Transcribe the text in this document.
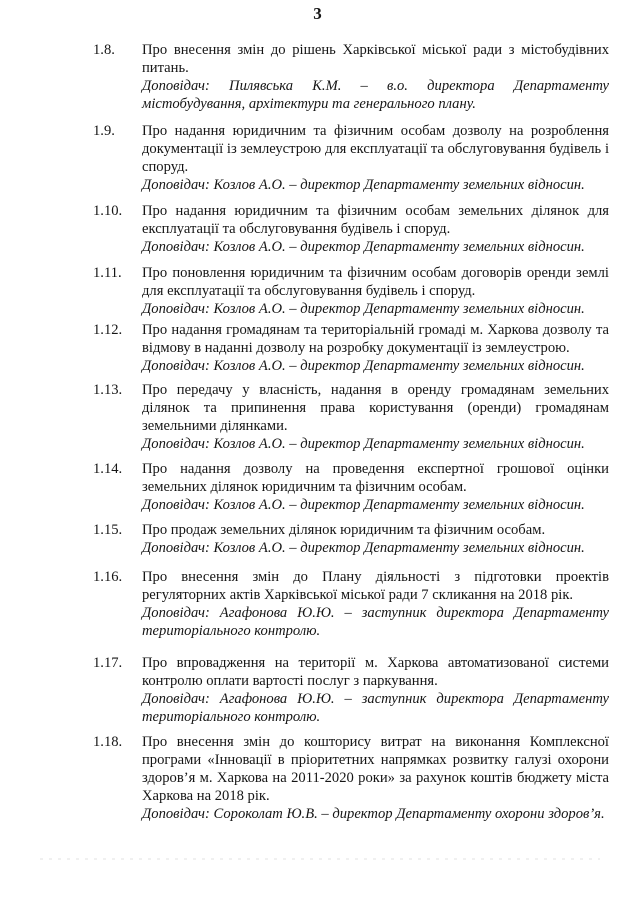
3
1.8. Про внесення змін до рішень Харківської міської ради з містобудівних питань.
Доповідач: Пилявська К.М. – в.о. директора Департаменту містобудування, архітектури та генерального плану.
1.9. Про надання юридичним та фізичним особам дозволу на розроблення документації із землеустрою для експлуатації та обслуговування будівель і споруд.
Доповідач: Козлов А.О. – директор Департаменту земельних відносин.
1.10. Про надання юридичним та фізичним особам земельних ділянок для експлуатації та обслуговування будівель і споруд.
Доповідач: Козлов А.О. – директор Департаменту земельних відносин.
1.11. Про поновлення юридичним та фізичним особам договорів оренди землі для експлуатації та обслуговування будівель і споруд.
Доповідач: Козлов А.О. – директор Департаменту земельних відносин.
1.12. Про надання громадянам та територіальній громаді м. Харкова дозволу та відмову в наданні дозволу на розробку документації із землеустрою.
Доповідач: Козлов А.О. – директор Департаменту земельних відносин.
1.13. Про передачу у власність, надання в оренду громадянам земельних ділянок та припинення права користування (оренди) громадянам земельними ділянками.
Доповідач: Козлов А.О. – директор Департаменту земельних відносин.
1.14. Про надання дозволу на проведення експертної грошової оцінки земельних ділянок юридичним та фізичним особам.
Доповідач: Козлов А.О. – директор Департаменту земельних відносин.
1.15. Про продаж земельних ділянок юридичним та фізичним особам.
Доповідач: Козлов А.О. – директор Департаменту земельних відносин.
1.16. Про внесення змін до Плану діяльності з підготовки проектів регуляторних актів Харківської міської ради 7 скликання на 2018 рік.
Доповідач: Агафонова Ю.Ю. – заступник директора Департаменту територіального контролю.
1.17. Про впровадження на території м. Харкова автоматизованої системи контролю оплати вартості послуг з паркування.
Доповідач: Агафонова Ю.Ю. – заступник директора Департаменту територіального контролю.
1.18. Про внесення змін до кошторису витрат на виконання Комплексної програми «Інновації в пріоритетних напрямках розвитку галузі охорони здоров’я м. Харкова на 2011-2020 роки» за рахунок коштів бюджету міста Харкова на 2018 рік.
Доповідач: Сороколат Ю.В. – директор Департаменту охорони здоров’я.
